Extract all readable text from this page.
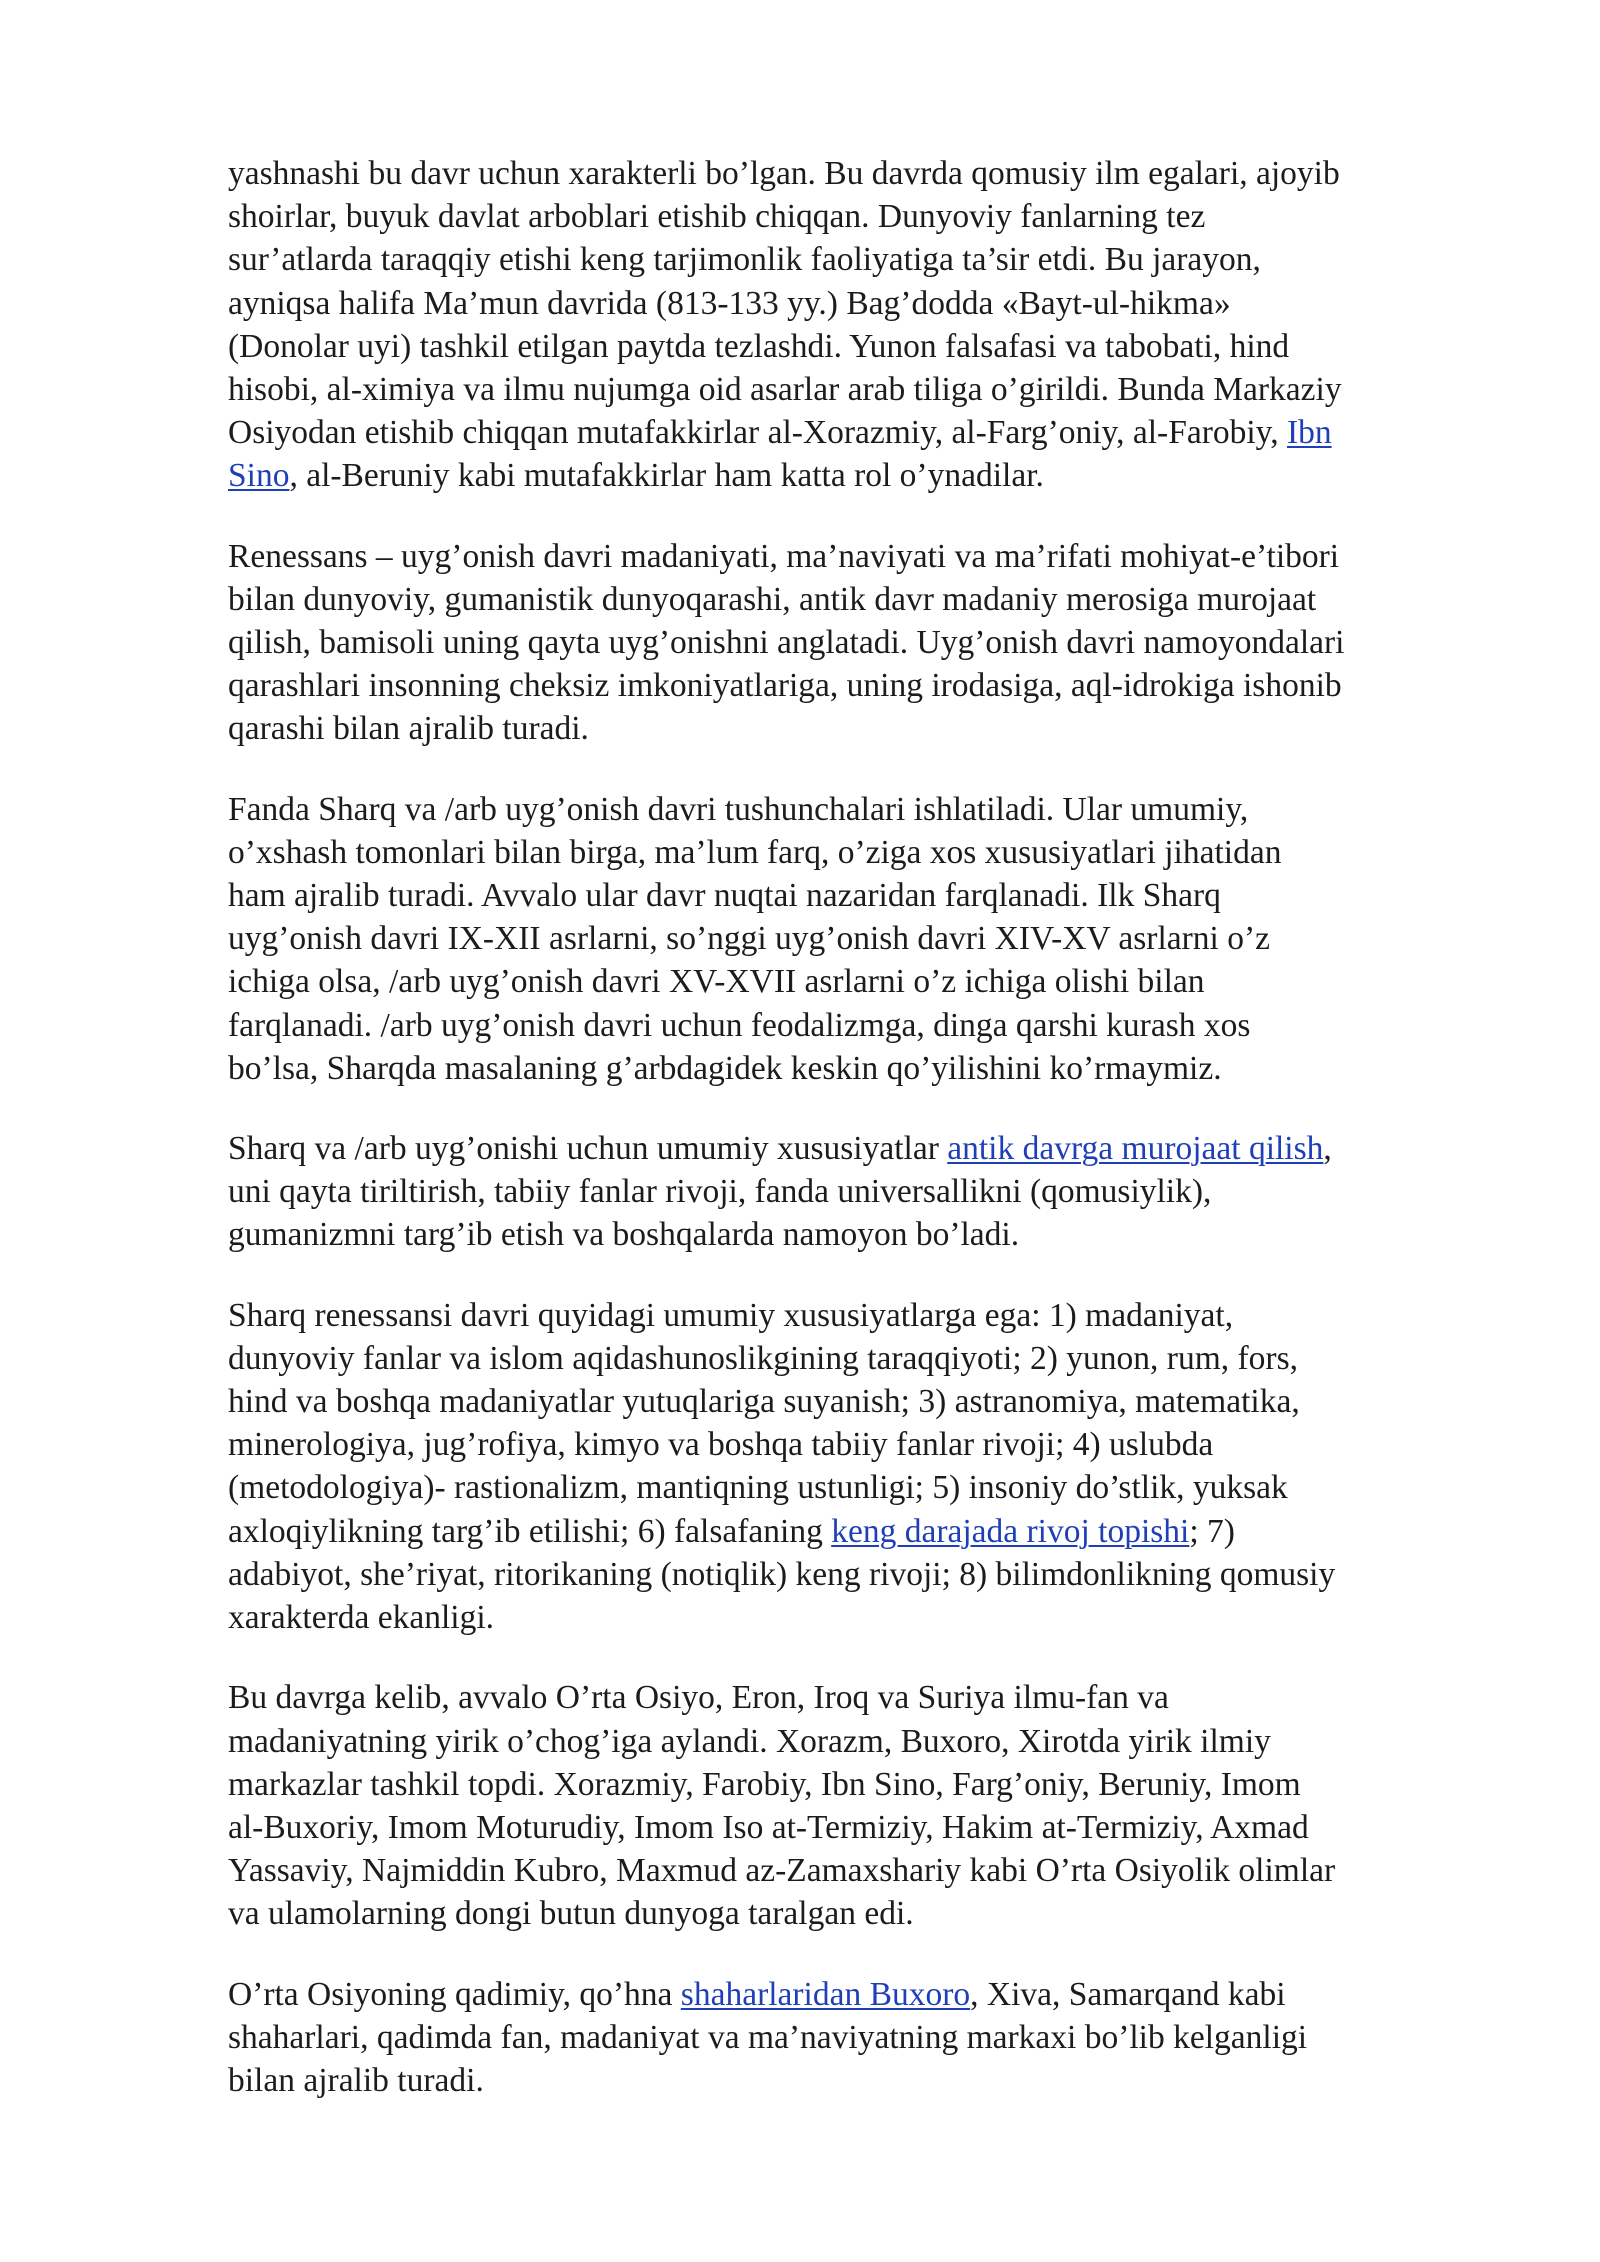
yashnashi bu davr uchun xarakterli bo’lgan. Bu davrda qomusiy ilm egalari, ajoyib
shoirlar, buyuk davlat arboblari etishib chiqqan. Dunyoviy fanlarning tez
sur’atlarda taraqqiy etishi keng tarjimonlik faoliyatiga ta’sir etdi. Bu jarayon,
ayniqsa halifa Ma’mun davrida (813-133 yy.) Bag’dodda «Bayt-ul-hikma»
(Donolar uyi) tashkil etilgan paytda tezlashdi. Yunon falsafasi va tabobati, hind
hisobi, al-ximiya va ilmu nujumga oid asarlar arab tiliga o’girildi. Bunda Markaziy
Osiyodan etishib chiqqan mutafakkirlar al-Xorazmiy, al-Farg’oniy, al-Farobiy, Ibn
Sino, al-Beruniy kabi mutafakkirlar ham katta rol o’ynadilar.

Renessans – uyg’onish davri madaniyati, ma’naviyati va ma’rifati mohiyat-e’tibori
bilan dunyoviy, gumanistik dunyoqarashi, antik davr madaniy merosiga murojaat
qilish, bamisoli uning qayta uyg’onishni anglatadi. Uyg’onish davri namoyondalari
qarashlari insonning cheksiz imkoniyatlariga, uning irodasiga, aql-idrokiga ishonib
qarashi bilan ajralib turadi.

Fanda Sharq va /arb uyg’onish davri tushunchalari ishlatiladi. Ular umumiy,
o’xshash tomonlari bilan birga, ma’lum farq, o’ziga xos xususiyatlari jihatidan
ham ajralib turadi. Avvalo ular davr nuqtai nazaridan farqlanadi. Ilk Sharq
uyg’onish davri IX-XII asrlarni, so’nggi uyg’onish davri XIV-XV asrlarni o’z
ichiga olsa, /arb uyg’onish davri XV-XVII asrlarni o’z ichiga olishi bilan
farqlanadi. /arb uyg’onish davri uchun feodalizmga, dinga qarshi kurash xos
bo’lsa, Sharqda masalaning g’arbdagidek keskin qo’yilishini ko’rmaymiz.

Sharq va /arb uyg’onishi uchun umumiy xususiyatlar antik davrga murojaat qilish,
uni qayta tiriltirish, tabiiy fanlar rivoji, fanda universallikni (qomusiylik),
gumanizmni targ’ib etish va boshqalarda namoyon bo’ladi.

Sharq renessansi davri quyidagi umumiy xususiyatlarga ega: 1) madaniyat,
dunyoviy fanlar va islom aqidashunoslikgining taraqqiyoti; 2) yunon, rum, fors,
hind va boshqa madaniyatlar yutuqlariga suyanish; 3) astranomiya, matematika,
minerologiya, jug’rofiya, kimyo va boshqa tabiiy fanlar rivoji; 4) uslubda
(metodologiya)- rastionalizm, mantiqning ustunligi; 5) insoniy do’stlik, yuksak
axloqiylikning targ’ib etilishi; 6) falsafaning keng darajada rivoj topishi; 7)
adabiyot, she’riyat, ritorikaning (notiqlik) keng rivoji; 8) bilimdonlikning qomusiy
xarakterda ekanligi.

Bu davrga kelib, avvalo O’rta Osiyo, Eron, Iroq va Suriya ilmu-fan va
madaniyatning yirik o’chog’iga aylandi. Xorazm, Buxoro, Xirotda yirik ilmiy
markazlar tashkil topdi. Xorazmiy, Farobiy, Ibn Sino, Farg’oniy, Beruniy, Imom
al-Buxoriy, Imom Moturudiy, Imom Iso at-Termiziy, Hakim at-Termiziy, Axmad
Yassaviy, Najmiddin Kubro, Maxmud az-Zamaxshariy kabi O’rta Osiyolik olimlar
va ulamolarning dongi butun dunyoga taralgan edi.

O’rta Osiyoning qadimiy, qo’hna shaharlaridan Buxoro, Xiva, Samarqand kabi
shaharlari, qadimda fan, madaniyat va ma’naviyatning markaxi bo’lib kelganligi
bilan ajralib turadi.
